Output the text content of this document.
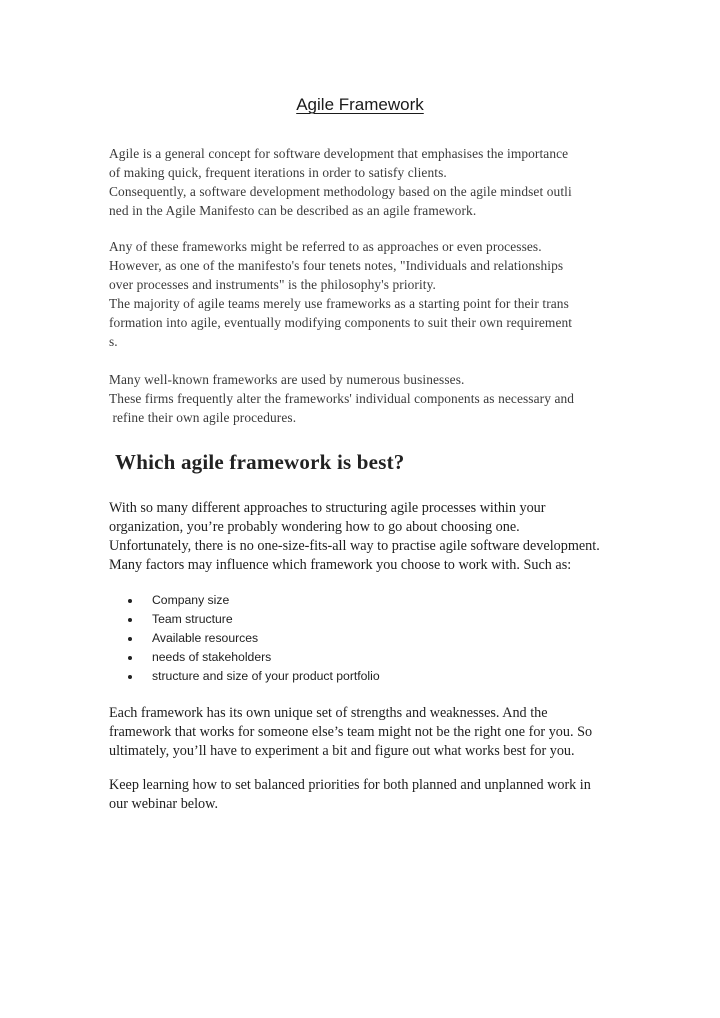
Agile Framework

Agile is a general concept for software development that emphasises the importance
of making quick, frequent iterations in order to satisfy clients.
Consequently, a software development methodology based on the agile mindset outli
ned in the Agile Manifesto can be described as an agile framework.

Any of these frameworks might be referred to as approaches or even processes.
However, as one of the manifesto's four tenets notes, "Individuals and relationships
over processes and instruments" is the philosophy's priority.
The majority of agile teams merely use frameworks as a starting point for their trans
formation into agile, eventually modifying components to suit their own requirement
s.

Many well-known frameworks are used by numerous businesses.
These firms frequently alter the frameworks' individual components as necessary and
refine their own agile procedures.

Which agile framework is best?

With so many different approaches to structuring agile processes within your
organization, you’re probably wondering how to go about choosing one.
Unfortunately, there is no one-size-fits-all way to practise agile software development.
Many factors may influence which framework you choose to work with. Such as:

Company size
Team structure
Available resources
needs of stakeholders
structure and size of your product portfolio

Each framework has its own unique set of strengths and weaknesses. And the
framework that works for someone else’s team might not be the right one for you. So
ultimately, you’ll have to experiment a bit and figure out what works best for you.

Keep learning how to set balanced priorities for both planned and unplanned work in
our webinar below.
